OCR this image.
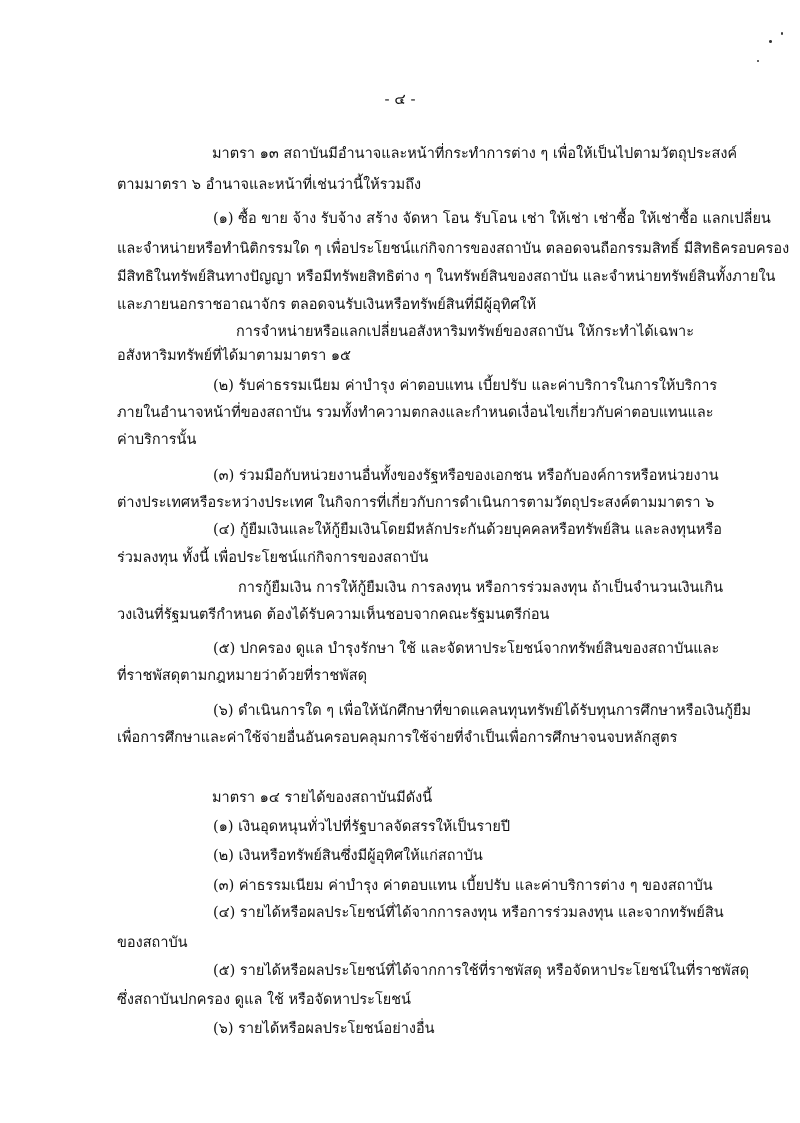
- ๔ -
มาตรา ๑๓ สถาบันมีอำนาจและหน้าที่กระทำการต่าง ๆ เพื่อให้เป็นไปตามวัตถุประสงค์
ตามมาตรา ๖ อำนาจและหน้าที่เช่นว่านี้ให้รวมถึง
(๑) ซื้อ ขาย จ้าง รับจ้าง สร้าง จัดหา โอน รับโอน เช่า ให้เช่า เช่าซื้อ ให้เช่าซื้อ แลกเปลี่ยน
และจำหน่ายหรือทำนิติกรรมใด ๆ เพื่อประโยชน์แก่กิจการของสถาบัน ตลอดจนถือกรรมสิทธิ์ มีสิทธิครอบครอง
มีสิทธิในทรัพย์สินทางปัญญา หรือมีทรัพยสิทธิต่าง ๆ ในทรัพย์สินของสถาบัน และจำหน่ายทรัพย์สินทั้งภายใน
และภายนอกราชอาณาจักร ตลอดจนรับเงินหรือทรัพย์สินที่มีผู้อุทิศให้
การจำหน่ายหรือแลกเปลี่ยนอสังหาริมทรัพย์ของสถาบัน ให้กระทำได้เฉพาะ
อสังหาริมทรัพย์ที่ได้มาตามมาตรา ๑๕
(๒) รับค่าธรรมเนียม ค่าบำรุง ค่าตอบแทน เบี้ยปรับ และค่าบริการในการให้บริการ
ภายในอำนาจหน้าที่ของสถาบัน รวมทั้งทำความตกลงและกำหนดเงื่อนไขเกี่ยวกับค่าตอบแทนและ
ค่าบริการนั้น
(๓) ร่วมมือกับหน่วยงานอื่นทั้งของรัฐหรือของเอกชน หรือกับองค์การหรือหน่วยงาน
ต่างประเทศหรือระหว่างประเทศ ในกิจการที่เกี่ยวกับการดำเนินการตามวัตถุประสงค์ตามมาตรา ๖
(๔) กู้ยืมเงินและให้กู้ยืมเงินโดยมีหลักประกันด้วยบุคคลหรือทรัพย์สิน และลงทุนหรือ
ร่วมลงทุน ทั้งนี้ เพื่อประโยชน์แก่กิจการของสถาบัน
การกู้ยืมเงิน การให้กู้ยืมเงิน การลงทุน หรือการร่วมลงทุน ถ้าเป็นจำนวนเงินเกิน
วงเงินที่รัฐมนตรีกำหนด ต้องได้รับความเห็นชอบจากคณะรัฐมนตรีก่อน
(๕) ปกครอง ดูแล บำรุงรักษา ใช้ และจัดหาประโยชน์จากทรัพย์สินของสถาบันและ
ที่ราชพัสดุตามกฎหมายว่าด้วยที่ราชพัสดุ
(๖) ดำเนินการใด ๆ เพื่อให้นักศึกษาที่ขาดแคลนทุนทรัพย์ได้รับทุนการศึกษาหรือเงินกู้ยืม
เพื่อการศึกษาและค่าใช้จ่ายอื่นอันครอบคลุมการใช้จ่ายที่จำเป็นเพื่อการศึกษาจนจบหลักสูตร
มาตรา ๑๔ รายได้ของสถาบันมีดังนี้
(๑) เงินอุดหนุนทั่วไปที่รัฐบาลจัดสรรให้เป็นรายปี
(๒) เงินหรือทรัพย์สินซึ่งมีผู้อุทิศให้แก่สถาบัน
(๓) ค่าธรรมเนียม ค่าบำรุง ค่าตอบแทน เบี้ยปรับ และค่าบริการต่าง ๆ ของสถาบัน
(๔) รายได้หรือผลประโยชน์ที่ได้จากการลงทุน หรือการร่วมลงทุน และจากทรัพย์สิน
ของสถาบัน
(๕) รายได้หรือผลประโยชน์ที่ได้จากการใช้ที่ราชพัสดุ หรือจัดหาประโยชน์ในที่ราชพัสดุ
ซึ่งสถาบันปกครอง ดูแล ใช้ หรือจัดหาประโยชน์
(๖) รายได้หรือผลประโยชน์อย่างอื่น
